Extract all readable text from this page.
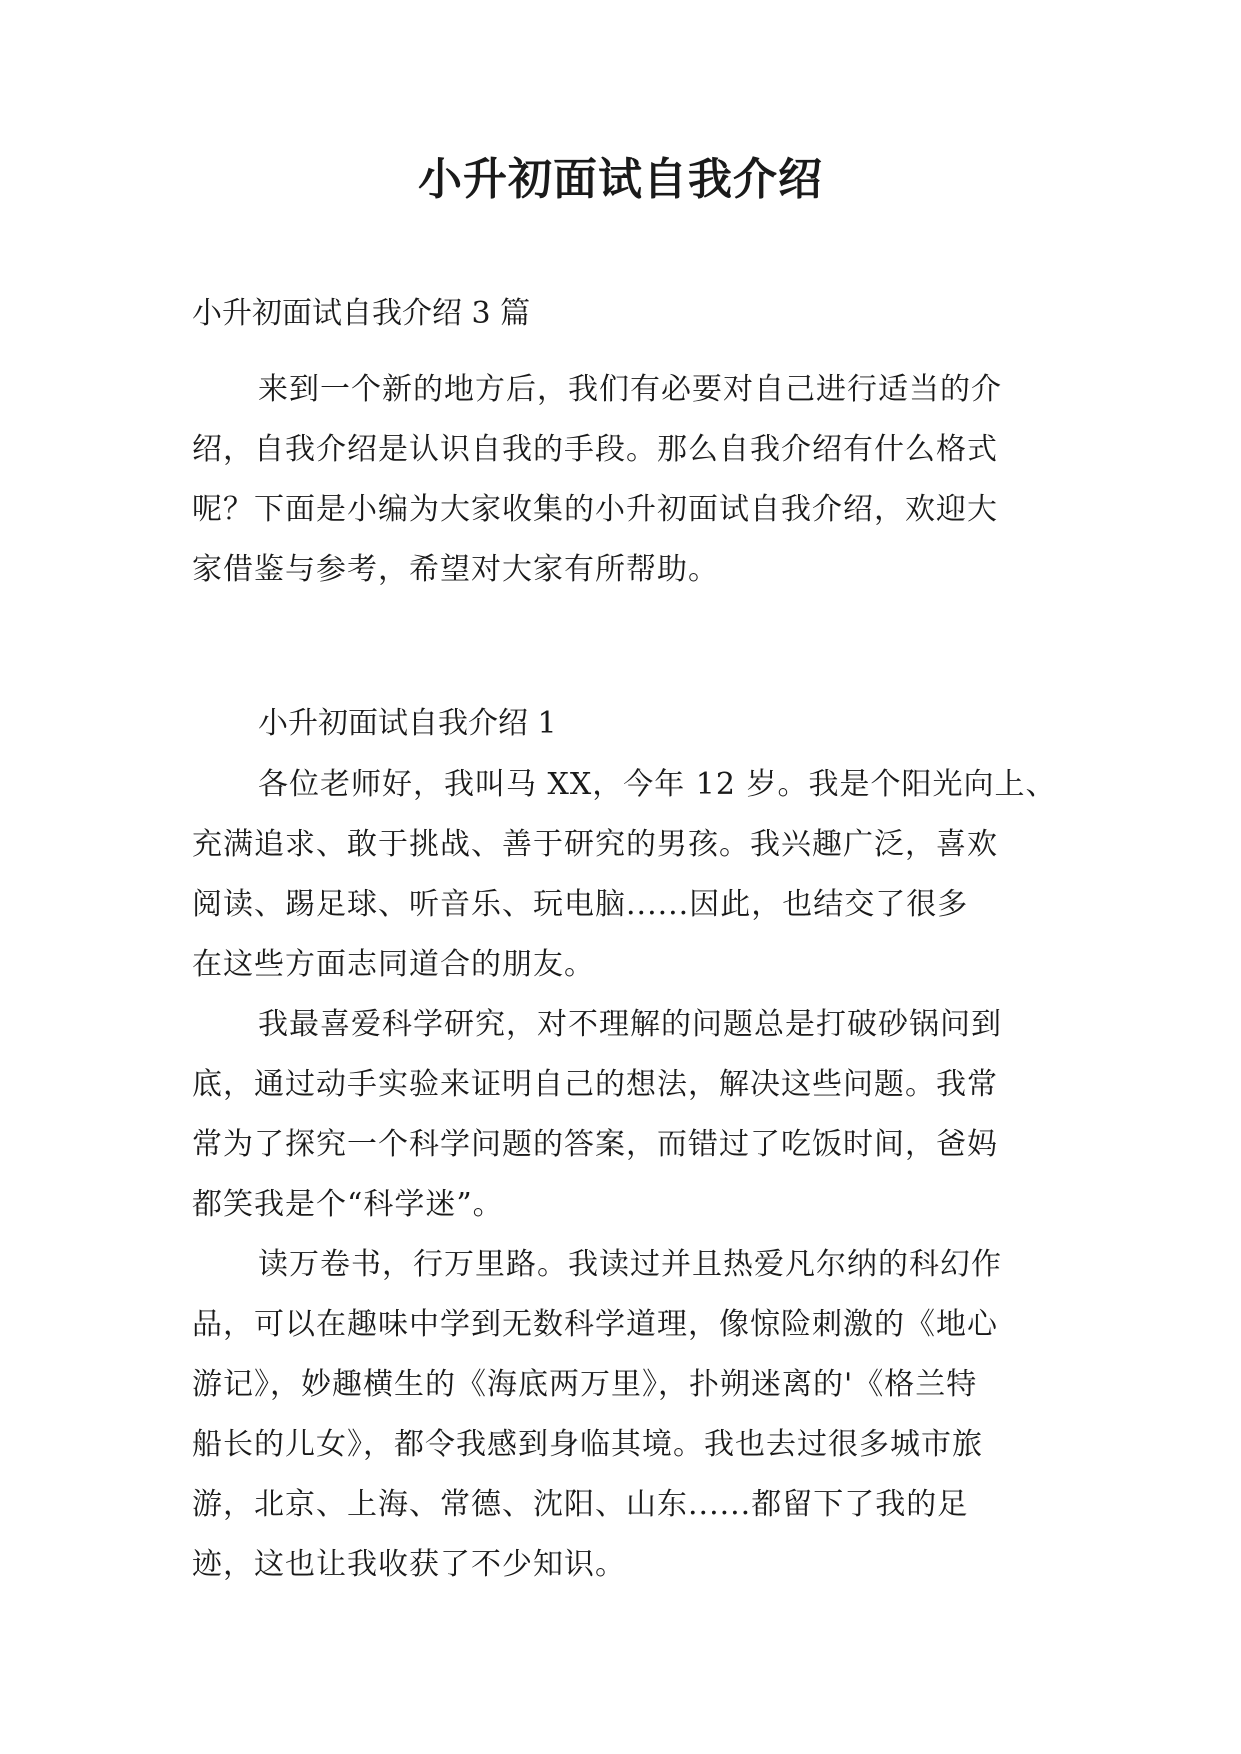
小升初面试自我介绍
小升初面试自我介绍 3 篇
来到一个新的地方后，我们有必要对自己进行适当的介
绍，自我介绍是认识自我的手段。那么自我介绍有什么格式
呢？下面是小编为大家收集的小升初面试自我介绍，欢迎大
家借鉴与参考，希望对大家有所帮助。
小升初面试自我介绍 1
各位老师好，我叫马 XX，今年 12 岁。我是个阳光向上、
充满追求、敢于挑战、善于研究的男孩。我兴趣广泛，喜欢
阅读、踢足球、听音乐、玩电脑......因此，也结交了很多
在这些方面志同道合的朋友。
我最喜爱科学研究，对不理解的问题总是打破砂锅问到
底，通过动手实验来证明自己的想法，解决这些问题。我常
常为了探究一个科学问题的答案，而错过了吃饭时间，爸妈
都笑我是个“科学迷”。
读万卷书，行万里路。我读过并且热爱凡尔纳的科幻作
品，可以在趣味中学到无数科学道理，像惊险刺激的《地心
游记》，妙趣横生的《海底两万里》，扑朔迷离的'《格兰特
船长的儿女》，都令我感到身临其境。我也去过很多城市旅
游，北京、上海、常德、沈阳、山东......都留下了我的足
迹，这也让我收获了不少知识。
